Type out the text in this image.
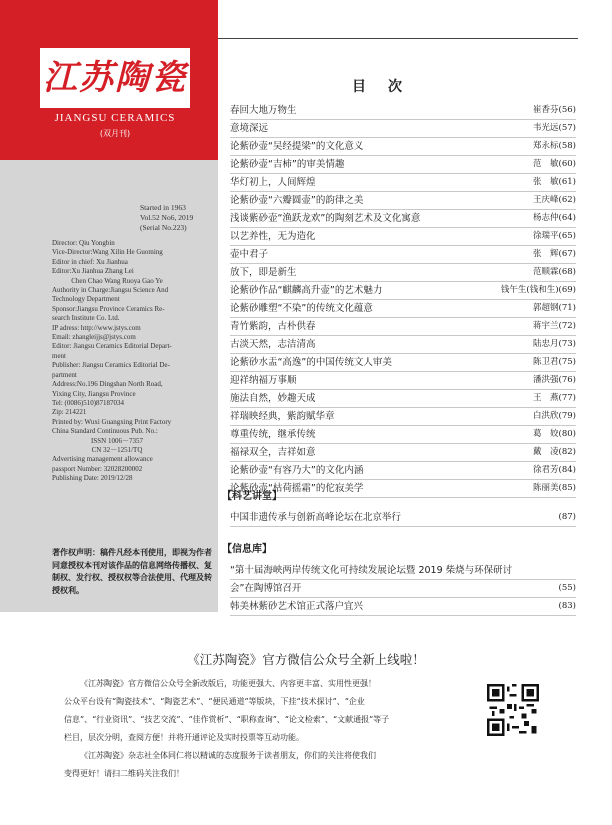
江苏陶瓷
JIANGSU CERAMICS
(双月刊)
Started in 1963
Vol.52 No6, 2019
(Serial No.223)
Director: Qiu Yongbin
Vice-Director:Wang Xilin He Guoming
Editor in chief: Xu Jianhua
Editor:Xu Jianhua Zhang Lei
Chen Chao Wang Ruoya Gao Ye
Authority in Charge:Jiangsu Science And
Technology Department
Sponsor:Jiangsu Province Ceramics Re-
search Institute Co. Ltd.
IP adress: http://www.jstys.com
Email: zhangleijjs@jstys.com
Editor: Jiangsu Ceramics Editorial Depart-
ment
Publisher: Jiangsu Ceramics Editorial De-
partment
Address:No.196 Dingshan North Road,
Yixing City, Jiangsu Province
Tel: (0086)510)87187034
Zip: 214221
Printed by: Wuxi Guangxing Print Factory
China Standard Continuous Pub. No.:
ISSN 1006－7357
CN 32－1251/TQ
Advertising management allowance
passport Number: 32028200002
Publishing Date: 2019/12/28
著作权声明：稿件凡经本刊使用，即视为作者同意授权本刊对该作品的信息网络传播权、复制权、发行权、授权权等合法使用、代理及转授权利。
目次
春回大地万物生	崔香芬(56)
意境深远	韦光远(57)
论紫砂壶“吴经提梁”的文化意义	郑永标(58)
论紫砂壶“吉柿”的审美情趣	范　敏(60)
华灯初上，人间辉煌	张　敏(61)
论紫砂壶“六瓣圆壶”的韵律之美	王庆峰(62)
浅谈紫砂壶“渔跃龙欢”的陶刻艺术及文化寓意	杨志仲(64)
以艺养性，无为造化	徐瑞平(65)
壶中君子	张　辉(67)
放下，即是新生	范顺霖(68)
论紫砂作品“麒麟高升壶”的艺术魅力	钱午生(钱和生)(69)
论紫砂雕塑“不染”的传统文化蕴意	郭超钢(71)
青竹紫韵，古朴供春	蒋宇兰(72)
古淡天然，志洁清高	陆忠月(73)
论紫砂水盂“高逸”的中国传统文人审美	陈卫君(75)
迎祥纳福万事顺	潘洪强(76)
施法自然，妙趣天成	王　燕(77)
祥瑞映经典，紫韵赋华章	白洪欣(79)
尊重传统，继承传统	葛　姣(80)
福禄双全，吉祥如意	戴　凌(82)
论紫砂壶“有容乃大”的文化内涵	徐君芳(84)
论紫砂壶“枯荷摇霜”的佗寂美学	陈丽美(85)
【科艺讲堂】
中国非遗传承与创新高峰论坛在北京举行	(87)
【信息库】
“第十届海峡两岸传统文化可持续发展论坛暨 2019 柴烧与环保研讨
会”在陶博馆召开	(55)
韩美林紫砂艺术馆正式落户宜兴	(83)
《江苏陶瓷》官方微信公众号全新上线啦！
《江苏陶瓷》官方微信公众号全新改版后，功能更强大、内容更丰富、实用性更强！
公众平台设有“陶瓷技术”、“陶瓷艺术”、“便民通道”等版块，下挂“技术探讨”、“企业
信息”、“行业资讯”、“技艺交流”、“佳作赏析”、“职称查询”、“论文检索”、“文献通报”等子
栏目，层次分明，查阅方便！并将开通评论及实时投票等互动功能。
《江苏陶瓷》杂志社全体同仁将以精诚的态度服务于读者朋友，你们的关注将使我们
变得更好！请扫二维码关注我们！
